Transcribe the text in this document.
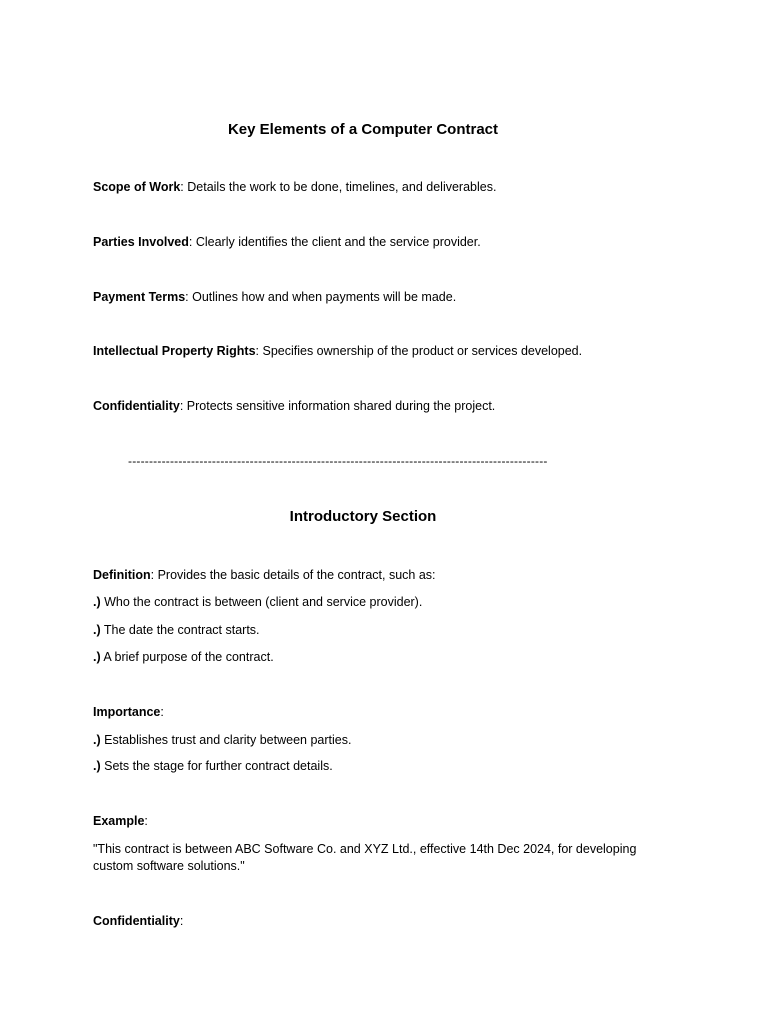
Key Elements of a Computer Contract
Scope of Work: Details the work to be done, timelines, and deliverables.
Parties Involved: Clearly identifies the client and the service provider.
Payment Terms: Outlines how and when payments will be made.
Intellectual Property Rights: Specifies ownership of the product or services developed.
Confidentiality: Protects sensitive information shared during the project.
----------------------------------------------------------------------------------------------------
Introductory Section
Definition: Provides the basic details of the contract, such as:
.) Who the contract is between (client and service provider).
.) The date the contract starts.
.) A brief purpose of the contract.
Importance:
.) Establishes trust and clarity between parties.
.) Sets the stage for further contract details.
Example:
"This contract is between ABC Software Co. and XYZ Ltd., effective 14th Dec 2024, for developing custom software solutions."
Confidentiality:
